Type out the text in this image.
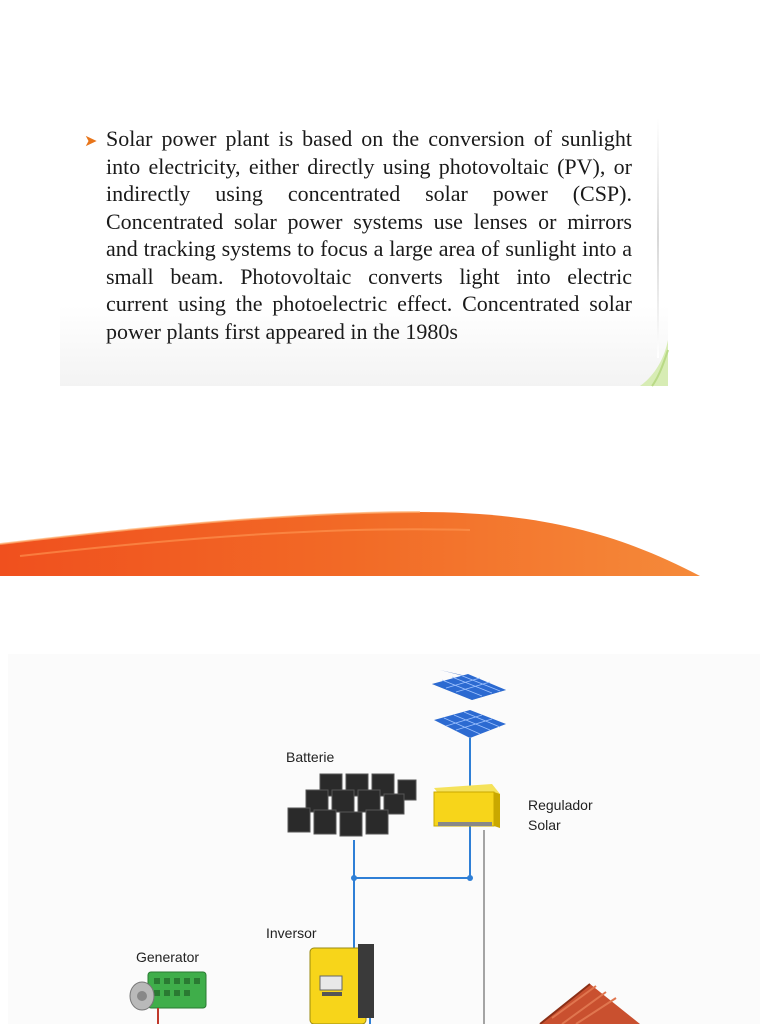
➤ Solar power plant is based on the conversion of sunlight into electricity, either directly using photovoltaic (PV), or indirectly using concentrated solar power (CSP). Concentrated solar power systems use lenses or mirrors and tracking systems to focus a large area of sunlight into a small beam. Photovoltaic converts light into electric current using the photoelectric effect. Concentrated solar power plants first appeared in the 1980s

Batterie
Regulador
Solar
Inversor
Generator
